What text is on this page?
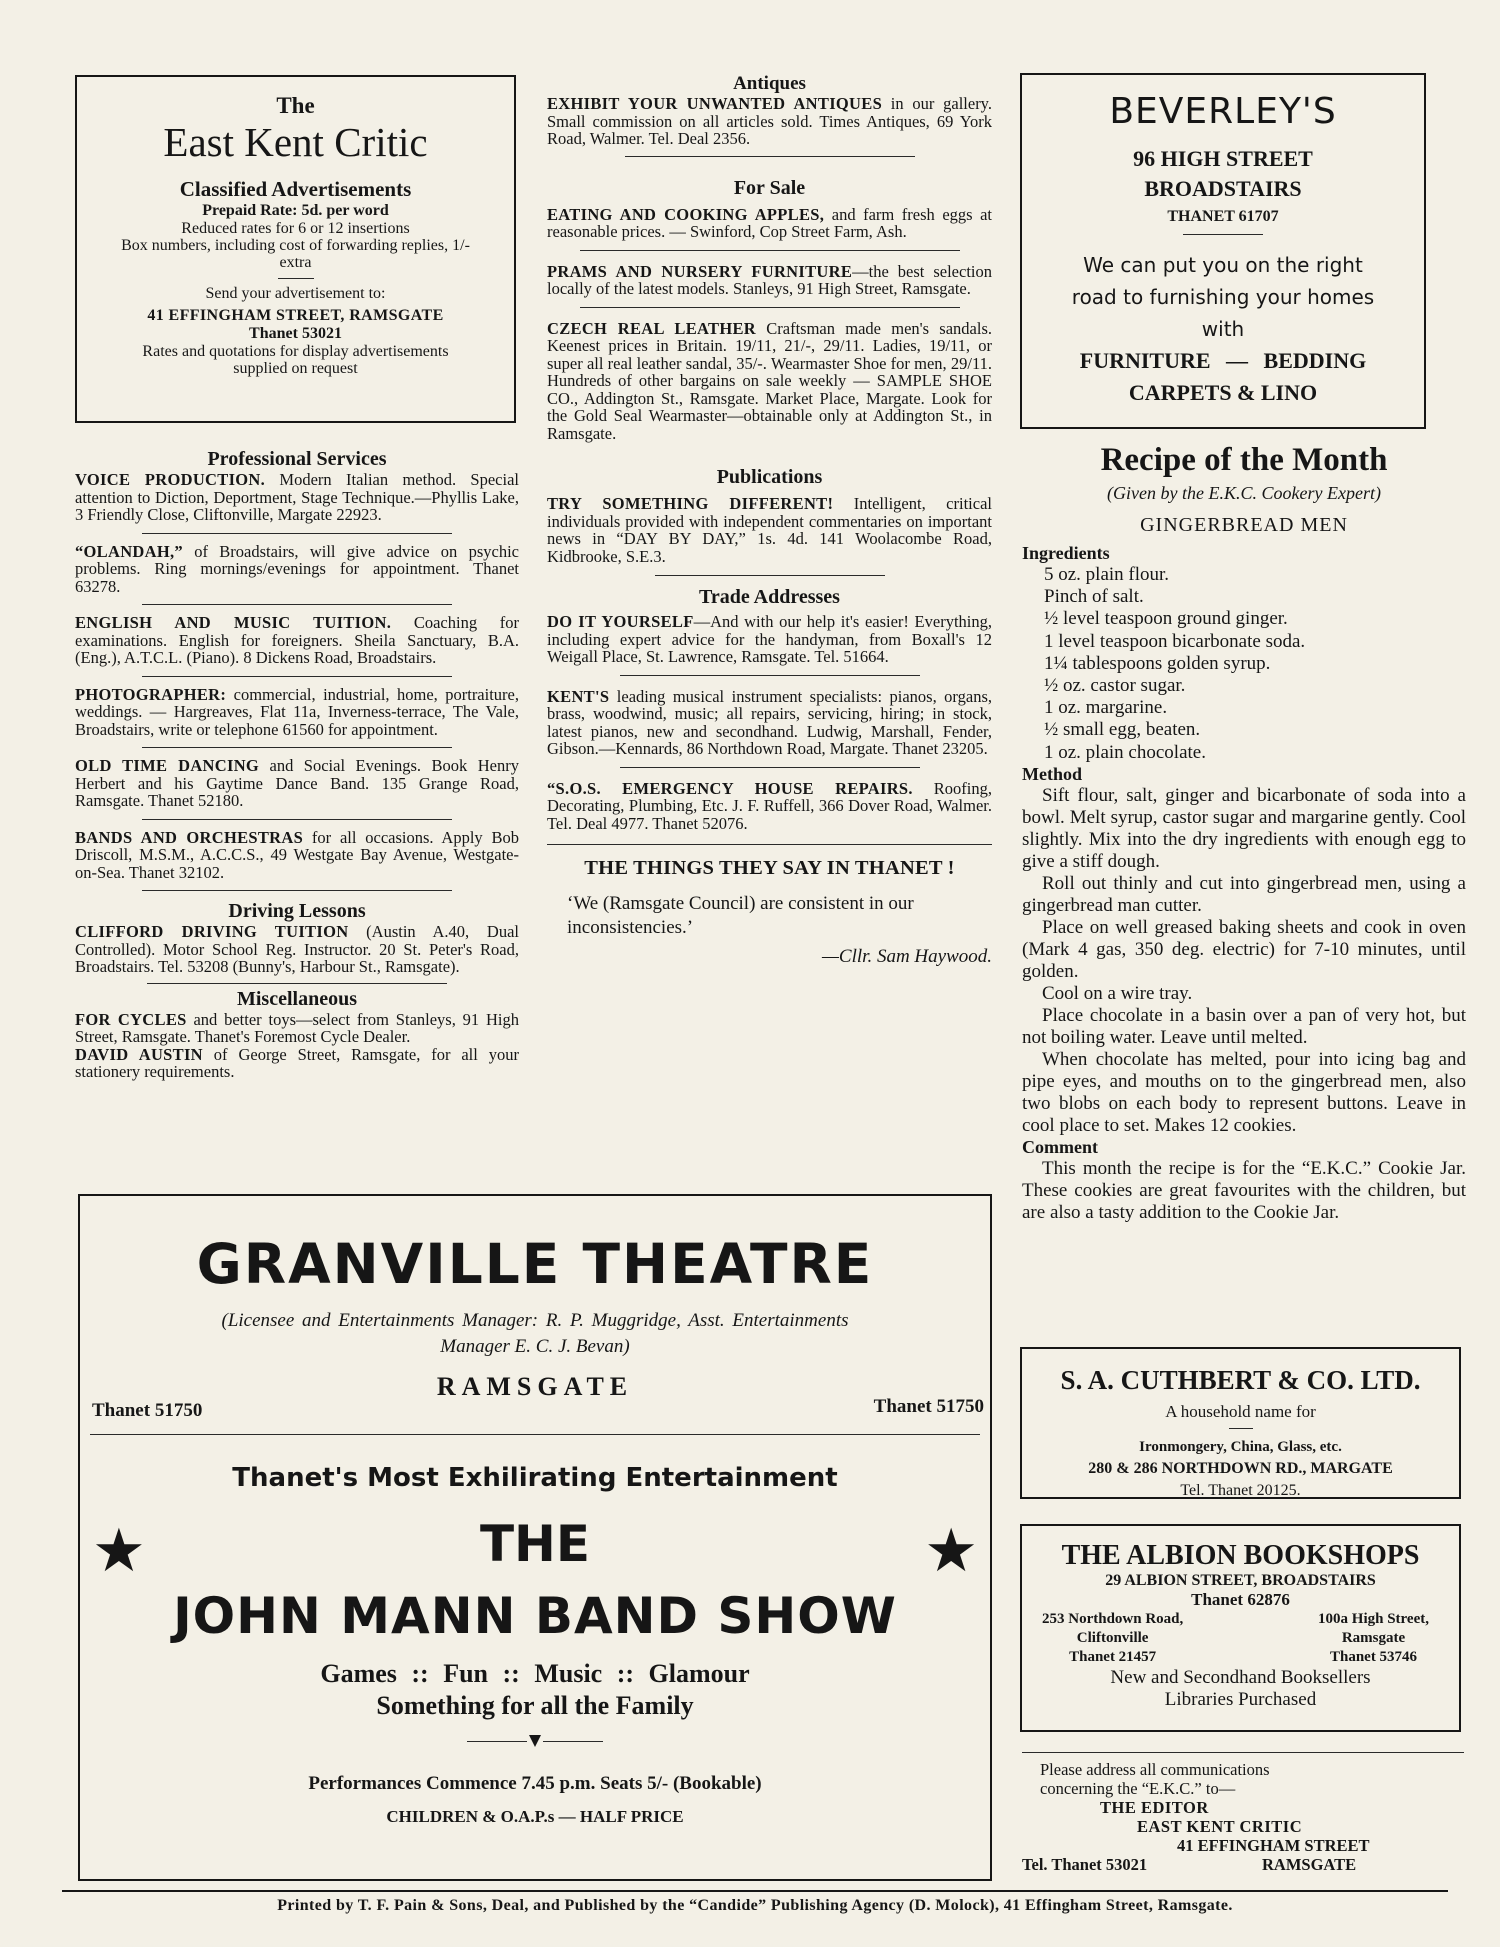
The
East Kent Critic
Classified Advertisements
Prepaid Rate: 5d. per word
Reduced rates for 6 or 12 insertions
Box numbers, including cost of forwarding replies, 1/- extra
Send your advertisement to:
41 EFFINGHAM STREET, RAMSGATE
Thanet 53021
Rates and quotations for display advertisements supplied on request
Professional Services
VOICE PRODUCTION. Modern Italian method. Special attention to Diction, Deportment, Stage Technique.—Phyllis Lake, 3 Friendly Close, Cliftonville, Margate 22923.
“OLANDAH,” of Broadstairs, will give advice on psychic problems. Ring mornings/evenings for appointment. Thanet 63278.
ENGLISH AND MUSIC TUITION. Coaching for examinations. English for foreigners. Sheila Sanctuary, B.A. (Eng.), A.T.C.L. (Piano). 8 Dickens Road, Broadstairs.
PHOTOGRAPHER: commercial, industrial, home, portraiture, weddings. — Hargreaves, Flat 11a, Inverness-terrace, The Vale, Broadstairs, write or telephone 61560 for appointment.
OLD TIME DANCING and Social Evenings. Book Henry Herbert and his Gaytime Dance Band. 135 Grange Road, Ramsgate. Thanet 52180.
BANDS AND ORCHESTRAS for all occasions. Apply Bob Driscoll, M.S.M., A.C.C.S., 49 Westgate Bay Avenue, Westgate-on-Sea. Thanet 32102.
Driving Lessons
CLIFFORD DRIVING TUITION (Austin A.40, Dual Controlled). Motor School Reg. Instructor. 20 St. Peter's Road, Broadstairs. Tel. 53208 (Bunny's, Harbour St., Ramsgate).
Miscellaneous
FOR CYCLES and better toys—select from Stanleys, 91 High Street, Ramsgate. Thanet's Foremost Cycle Dealer.
DAVID AUSTIN of George Street, Ramsgate, for all your stationery requirements.
Antiques
EXHIBIT YOUR UNWANTED ANTIQUES in our gallery. Small commission on all articles sold. Times Antiques, 69 York Road, Walmer. Tel. Deal 2356.
For Sale
EATING AND COOKING APPLES, and farm fresh eggs at reasonable prices. — Swinford, Cop Street Farm, Ash.
PRAMS AND NURSERY FURNITURE—the best selection locally of the latest models. Stanleys, 91 High Street, Ramsgate.
CZECH REAL LEATHER Craftsman made men's sandals. Keenest prices in Britain. 19/11, 21/-, 29/11. Ladies, 19/11, or super all real leather sandal, 35/-. Wearmaster Shoe for men, 29/11. Hundreds of other bargains on sale weekly — SAMPLE SHOE CO., Addington St., Ramsgate. Market Place, Margate. Look for the Gold Seal Wearmaster—obtainable only at Addington St., in Ramsgate.
Publications
TRY SOMETHING DIFFERENT! Intelligent, critical individuals provided with independent commentaries on important news in “DAY BY DAY,” 1s. 4d. 141 Woolacombe Road, Kidbrooke, S.E.3.
Trade Addresses
DO IT YOURSELF—And with our help it's easier! Everything, including expert advice for the handyman, from Boxall's 12 Weigall Place, St. Lawrence, Ramsgate. Tel. 51664.
KENT'S leading musical instrument specialists: pianos, organs, brass, woodwind, music; all repairs, servicing, hiring; in stock, latest pianos, new and secondhand. Ludwig, Marshall, Fender, Gibson.—Kennards, 86 Northdown Road, Margate. Thanet 23205.
“S.O.S. EMERGENCY HOUSE REPAIRS. Roofing, Decorating, Plumbing, Etc. J. F. Ruffell, 366 Dover Road, Walmer. Tel. Deal 4977. Thanet 52076.
THE THINGS THEY SAY IN THANET !
‘We (Ramsgate Council) are consistent in our inconsistencies.’
—Cllr. Sam Haywood.
BEVERLEY'S
96 HIGH STREET
BROADSTAIRS
THANET 61707
We can put you on the right
road to furnishing your homes
with
FURNITURE — BEDDING
CARPETS & LINO
Recipe of the Month
(Given by the E.K.C. Cookery Expert)
GINGERBREAD MEN
Ingredients
5 oz. plain flour.
Pinch of salt.
½ level teaspoon ground ginger.
1 level teaspoon bicarbonate soda.
1¼ tablespoons golden syrup.
½ oz. castor sugar.
1 oz. margarine.
½ small egg, beaten.
1 oz. plain chocolate.
Method
Sift flour, salt, ginger and bicarbonate of soda into a bowl. Melt syrup, castor sugar and margarine gently. Cool slightly. Mix into the dry ingredients with enough egg to give a stiff dough.
Roll out thinly and cut into gingerbread men, using a gingerbread man cutter.
Place on well greased baking sheets and cook in oven (Mark 4 gas, 350 deg. electric) for 7-10 minutes, until golden.
Cool on a wire tray.
Place chocolate in a basin over a pan of very hot, but not boiling water. Leave until melted.
When chocolate has melted, pour into icing bag and pipe eyes, and mouths on to the gingerbread men, also two blobs on each body to represent buttons. Leave in cool place to set. Makes 12 cookies.
Comment
This month the recipe is for the “E.K.C.” Cookie Jar. These cookies are great favourites with the children, but are also a tasty addition to the Cookie Jar.
S. A. CUTHBERT & CO. LTD.
A household name for
Ironmongery, China, Glass, etc.
280 & 286 NORTHDOWN RD., MARGATE
Tel. Thanet 20125.
THE ALBION BOOKSHOPS
29 ALBION STREET, BROADSTAIRS
Thanet 62876
253 Northdown Road,
Cliftonville
Thanet 21457
100a High Street,
Ramsgate
Thanet 53746
New and Secondhand Booksellers
Libraries Purchased
Please address all communications
concerning the “E.K.C.” to—
THE EDITOR
EAST KENT CRITIC
41 EFFINGHAM STREET
Tel. Thanet 53021	RAMSGATE
GRANVILLE THEATRE
(Licensee and Entertainments Manager: R. P. Muggridge, Asst. Entertainments
Manager E. C. J. Bevan)
RAMSGATE
Thanet 51750	Thanet 51750
Thanet's Most Exhilirating Entertainment
THE
★	★
JOHN MANN BAND SHOW
Games :: Fun :: Music :: Glamour
Something for all the Family
Performances Commence 7.45 p.m. Seats 5/- (Bookable)
CHILDREN & O.A.P.s — HALF PRICE
Printed by T. F. Pain & Sons, Deal, and Published by the “Candide” Publishing Agency (D. Molock), 41 Effingham Street, Ramsgate.
